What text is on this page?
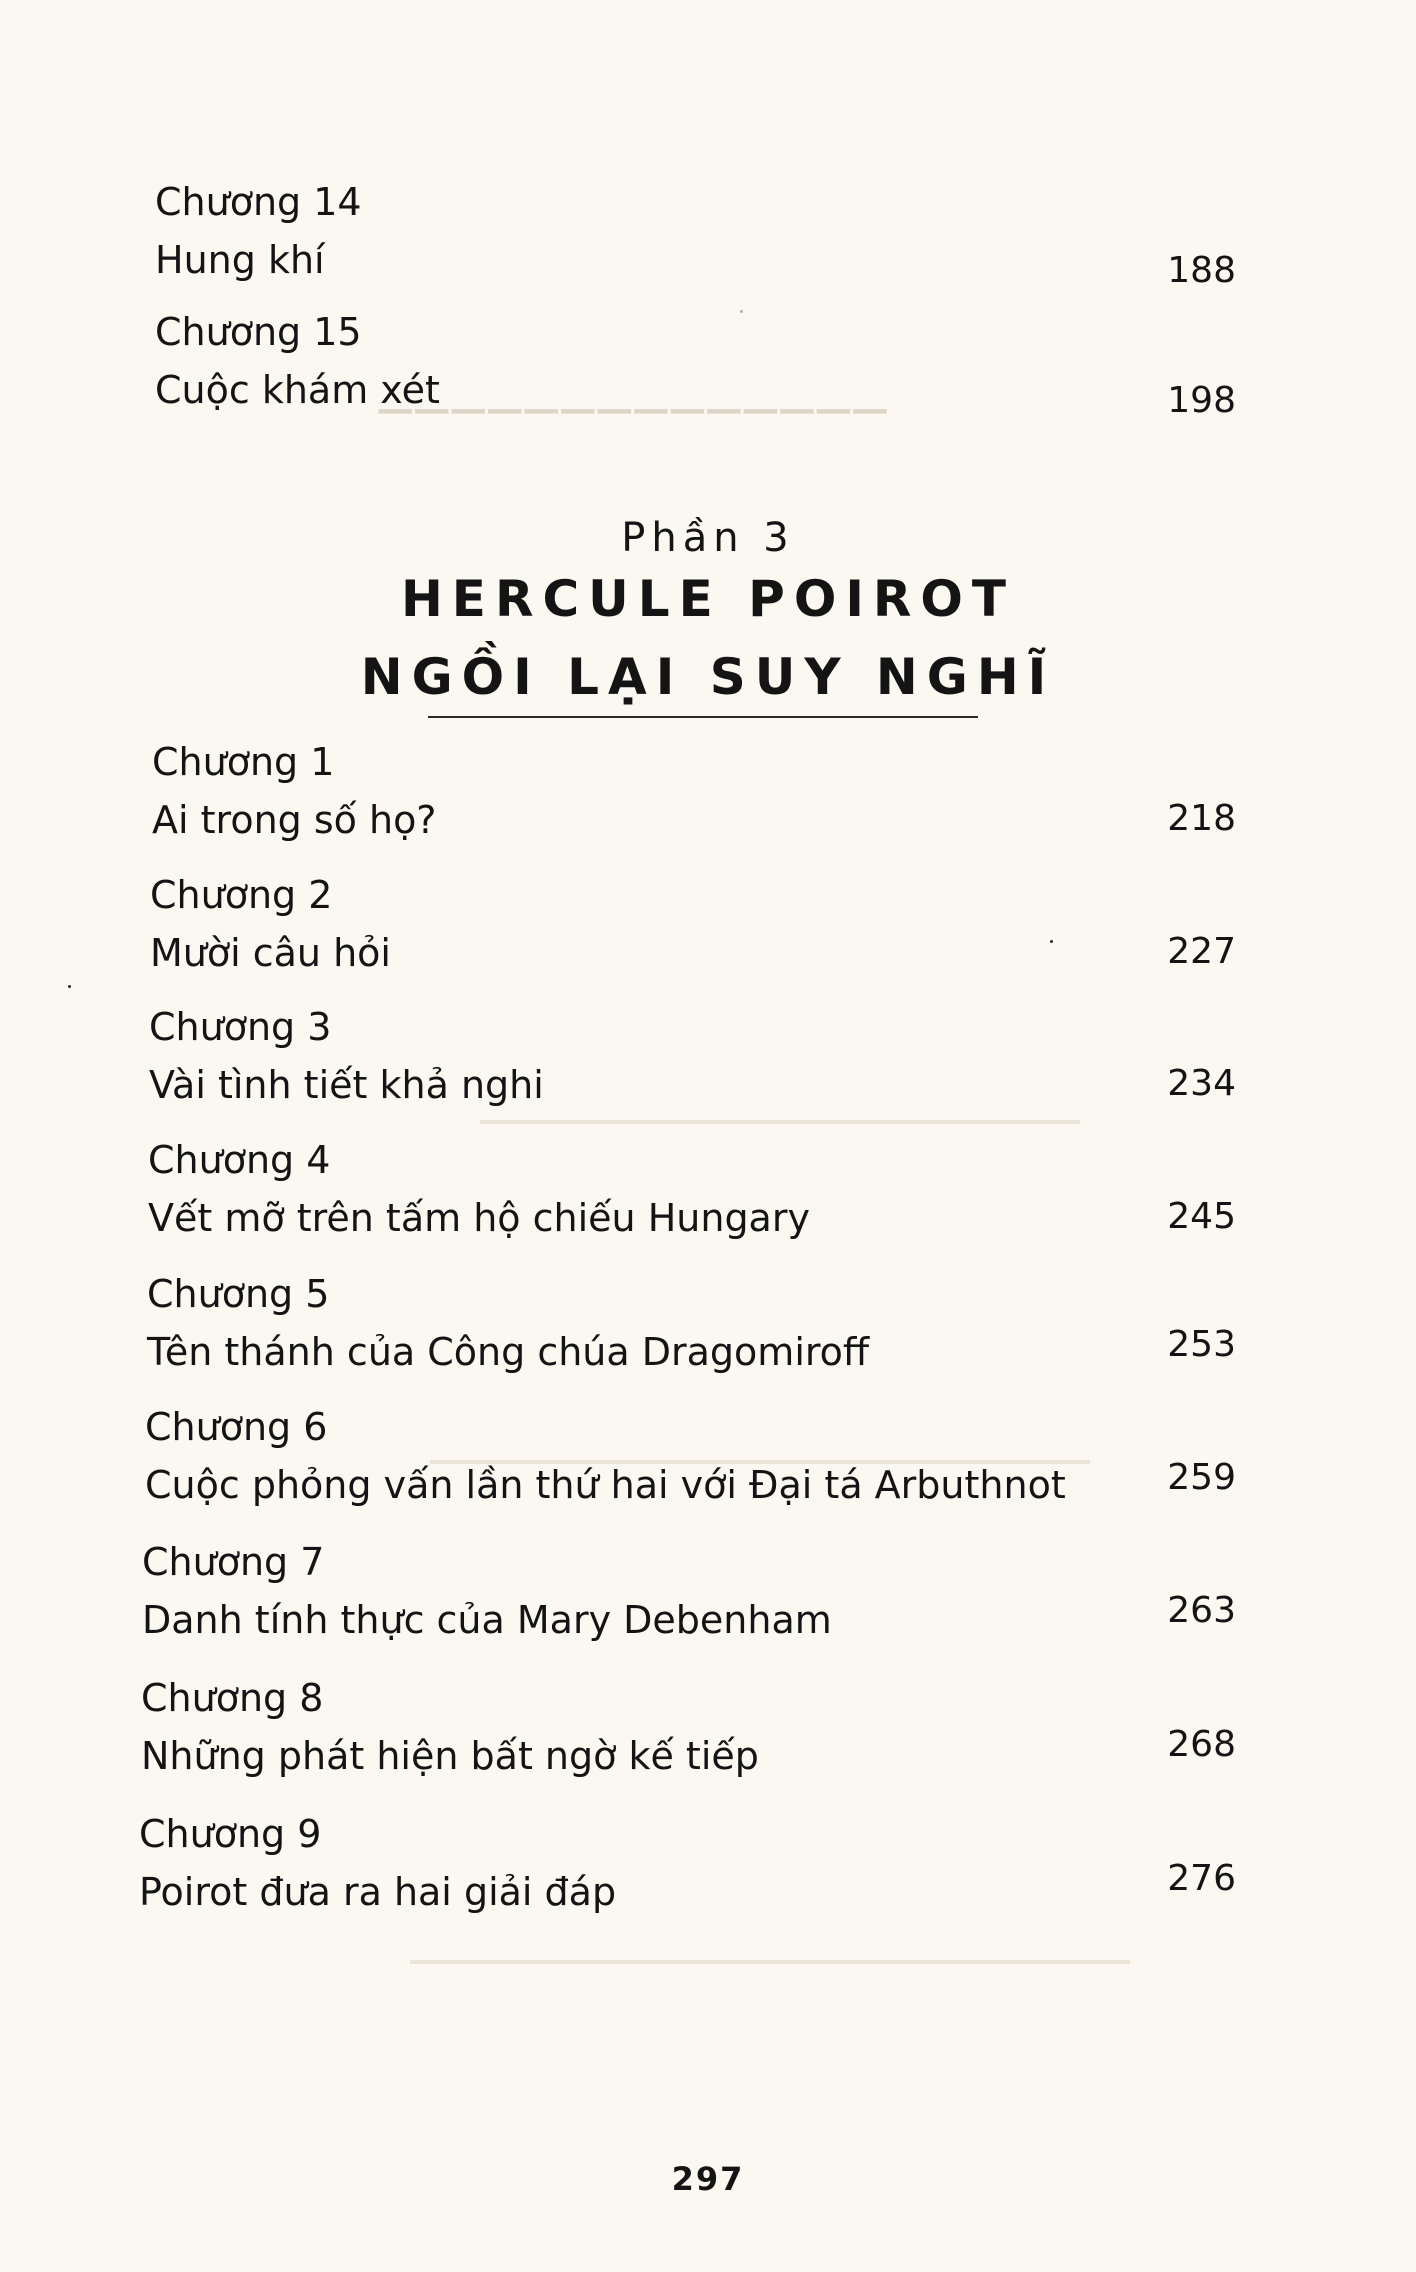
──────────────
Chương 14
Hung khí	188
Chương 15
Cuộc khám xét	198
Phần 3
HERCULE POIROT
NGỒI LẠI SUY NGHĨ
Chương 1
Ai trong số họ?	218
Chương 2
Mười câu hỏi	227
Chương 3
Vài tình tiết khả nghi	234
Chương 4
Vết mỡ trên tấm hộ chiếu Hungary	245
Chương 5
Tên thánh của Công chúa Dragomiroff	253
Chương 6
Cuộc phỏng vấn lần thứ hai với Đại tá Arbuthnot	259
Chương 7
Danh tính thực của Mary Debenham	263
Chương 8
Những phát hiện bất ngờ kế tiếp	268
Chương 9
Poirot đưa ra hai giải đáp	276
297
